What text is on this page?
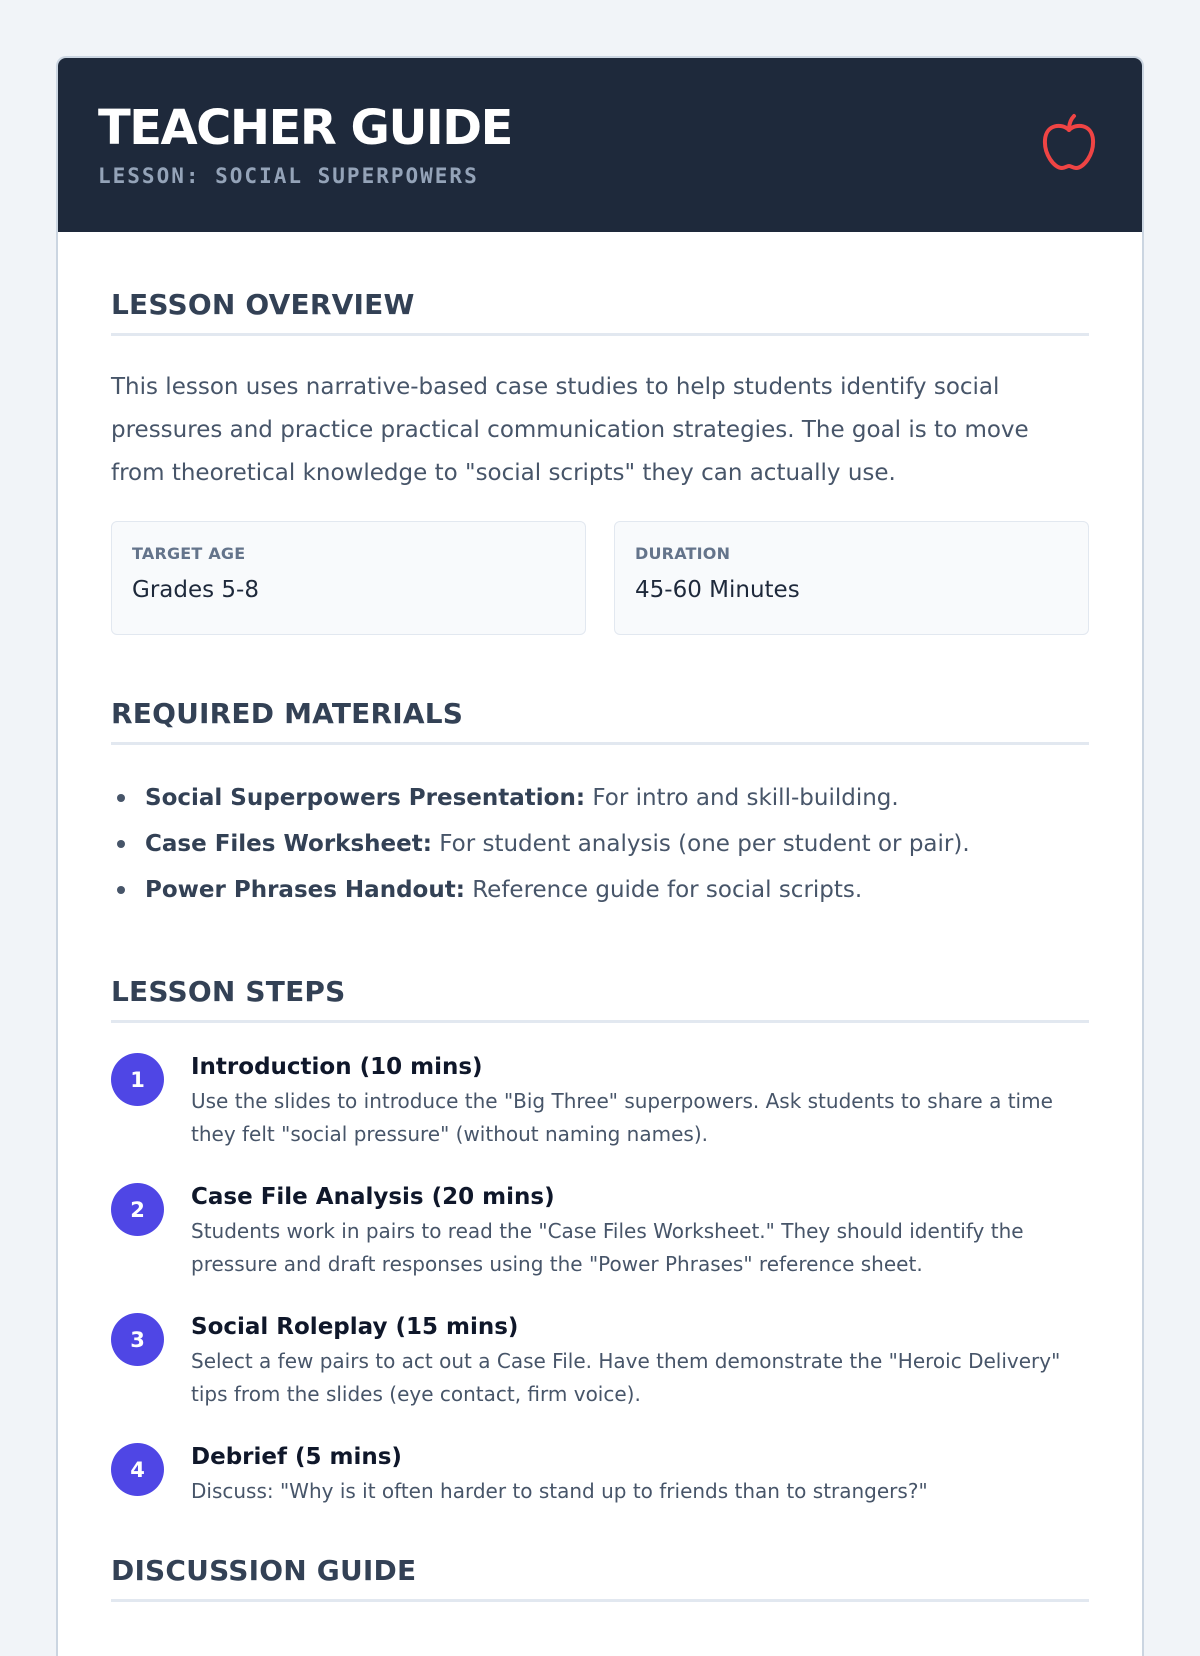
TEACHER GUIDE
LESSON: SOCIAL SUPERPOWERS
LESSON OVERVIEW

This lesson uses narrative-based case studies to help students identify social pressures and practice practical communication strategies. The goal is to move from theoretical knowledge to "social scripts" they can actually use.

TARGET AGE
Grades 5-8
DURATION
45-60 Minutes
REQUIRED MATERIALS
Social Superpowers Presentation: For intro and skill-building.
Case Files Worksheet: For student analysis (one per student or pair).
Power Phrases Handout: Reference guide for social scripts.
LESSON STEPS
1	Introduction (10 mins)
Use the slides to introduce the "Big Three" superpowers. Ask students to share a time they felt "social pressure" (without naming names).
2	Case File Analysis (20 mins)
Students work in pairs to read the "Case Files Worksheet." They should identify the pressure and draft responses using the "Power Phrases" reference sheet.
3	Social Roleplay (15 mins)
Select a few pairs to act out a Case File. Have them demonstrate the "Heroic Delivery" tips from the slides (eye contact, firm voice).
4	Debrief (5 mins)
Discuss: "Why is it often harder to stand up to friends than to strangers?"
DISCUSSION GUIDE
